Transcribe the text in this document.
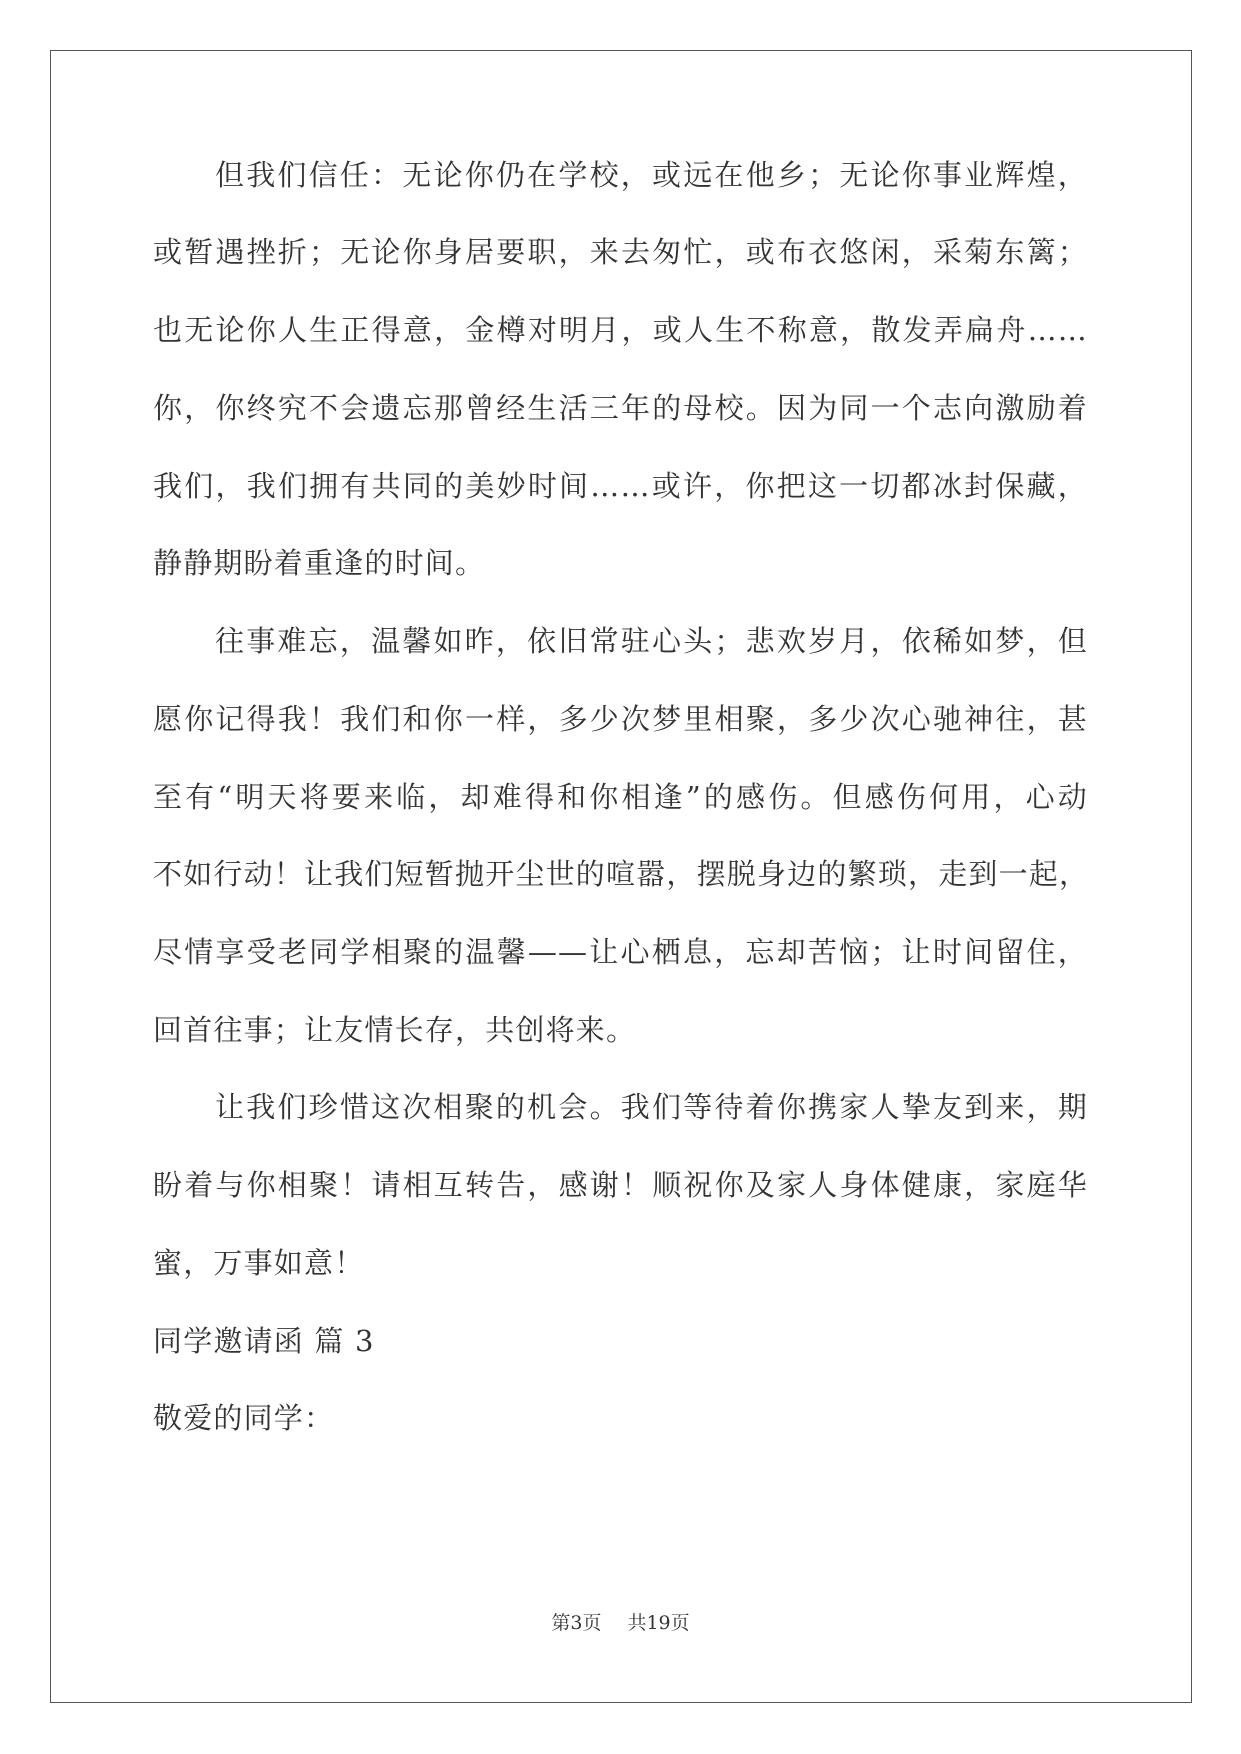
但我们信任：无论你仍在学校，或远在他乡；无论你事业辉煌，
或暂遇挫折；无论你身居要职，来去匆忙，或布衣悠闲，采菊东篱；
也无论你人生正得意，金樽对明月，或人生不称意，散发弄扁舟……
你，你终究不会遗忘那曾经生活三年的母校。因为同一个志向激励着
我们，我们拥有共同的美妙时间……或许，你把这一切都冰封保藏，
静静期盼着重逢的时间。
往事难忘，温馨如昨，依旧常驻心头；悲欢岁月，依稀如梦，但
愿你记得我！我们和你一样，多少次梦里相聚，多少次心驰神往，甚
至有“明天将要来临，却难得和你相逢”的感伤。但感伤何用，心动
不如行动！让我们短暂抛开尘世的喧嚣，摆脱身边的繁琐，走到一起，
尽情享受老同学相聚的温馨——让心栖息，忘却苦恼；让时间留住，
回首往事；让友情长存，共创将来。
让我们珍惜这次相聚的机会。我们等待着你携家人挚友到来，期
盼着与你相聚！请相互转告，感谢！顺祝你及家人身体健康，家庭华
蜜，万事如意！
同学邀请函 篇 3
敬爱的同学：
第3页 共19页
